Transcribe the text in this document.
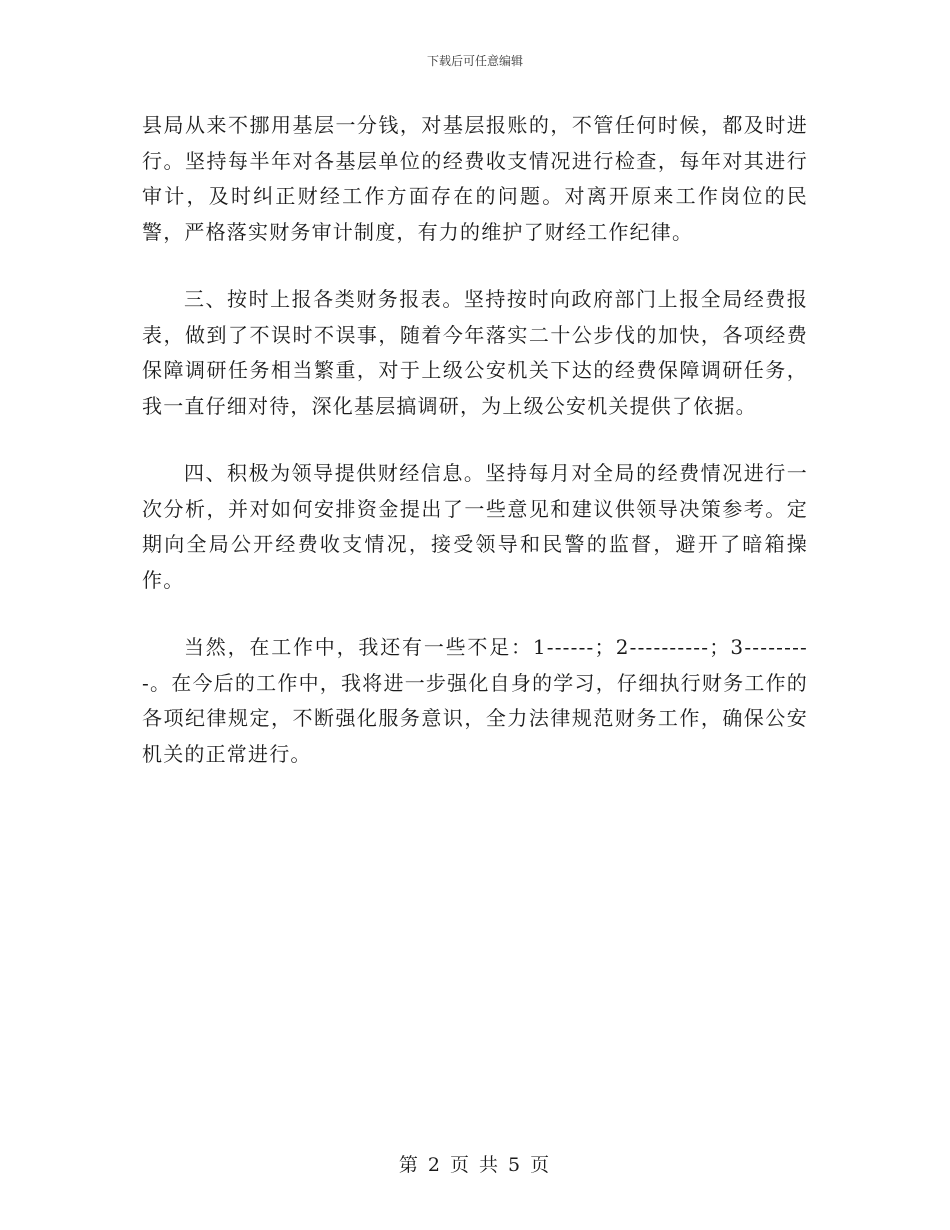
下载后可任意编辑

县局从来不挪用基层一分钱，对基层报账的，不管任何时候，都及时进行。坚持每半年对各基层单位的经费收支情况进行检查，每年对其进行审计，及时纠正财经工作方面存在的问题。对离开原来工作岗位的民警，严格落实财务审计制度，有力的维护了财经工作纪律。

三、按时上报各类财务报表。坚持按时向政府部门上报全局经费报表，做到了不误时不误事，随着今年落实二十公步伐的加快，各项经费保障调研任务相当繁重，对于上级公安机关下达的经费保障调研任务，我一直仔细对待，深化基层搞调研，为上级公安机关提供了依据。

四、积极为领导提供财经信息。坚持每月对全局的经费情况进行一次分析，并对如何安排资金提出了一些意见和建议供领导决策参考。定期向全局公开经费收支情况，接受领导和民警的监督，避开了暗箱操作。

当然，在工作中，我还有一些不足：1------；2----------；3---------。在今后的工作中，我将进一步强化自身的学习，仔细执行财务工作的各项纪律规定，不断强化服务意识，全力法律规范财务工作，确保公安机关的正常进行。

第 2 页 共 5 页
